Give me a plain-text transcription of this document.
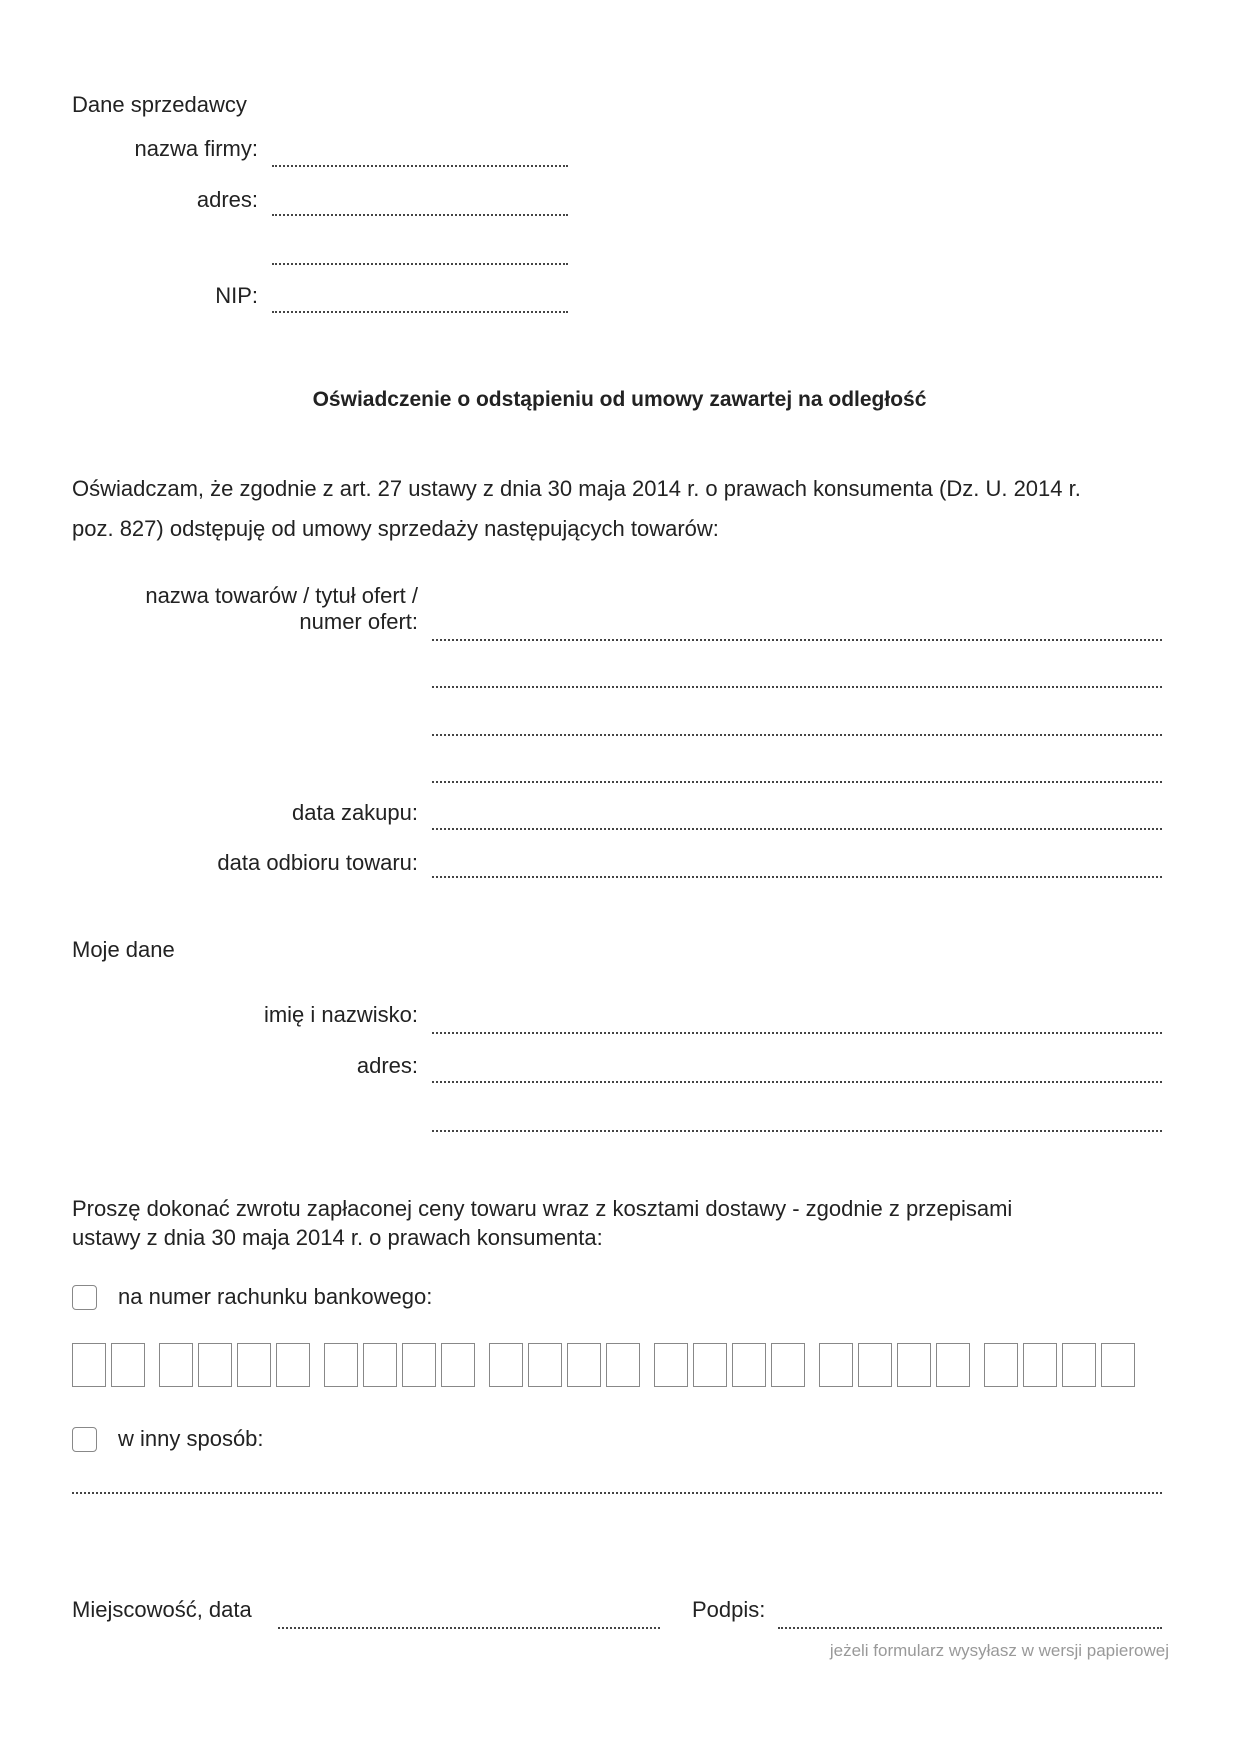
Dane sprzedawcy
nazwa firmy:
adres:
NIP:
Oświadczenie o odstąpieniu od umowy zawartej na odległość
Oświadczam, że zgodnie z art. 27 ustawy z dnia 30 maja 2014 r. o prawach konsumenta (Dz. U. 2014 r.
poz. 827) odstępuję od umowy sprzedaży następujących towarów:
nazwa towarów / tytuł ofert /
numer ofert:
data zakupu:
data odbioru towaru:
Moje dane
imię i nazwisko:
adres:
Proszę dokonać zwrotu zapłaconej ceny towaru wraz z kosztami dostawy - zgodnie z przepisami
ustawy z dnia 30 maja 2014 r. o prawach konsumenta:
na numer rachunku bankowego:
w inny sposób:
Miejscowość, data	Podpis:
jeżeli formularz wysyłasz w wersji papierowej
